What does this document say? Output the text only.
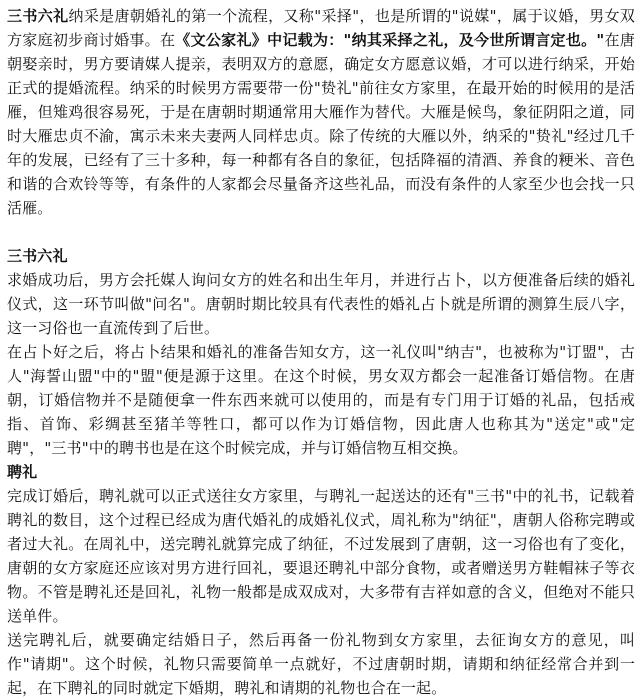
三书六礼纳采是唐朝婚礼的第一个流程，又称"采择"，也是所谓的"说媒"，属于议婚，男女双方家庭初步商讨婚事。在《文公家礼》中记载为："纳其采择之礼，及今世所谓言定也。"在唐朝娶亲时，男方要请媒人提亲，表明双方的意愿，确定女方愿意议婚，才可以进行纳采，开始正式的提婚流程。纳采的时候男方需要带一份"贽礼"前往女方家里，在最开始的时候用的是活雁，但雉鸡很容易死，于是在唐朝时期通常用大雁作为替代。大雁是候鸟，象征阴阳之道，同时大雁忠贞不渝，寓示未来夫妻两人同样忠贞。除了传统的大雁以外，纳采的"贽礼"经过几千年的发展，已经有了三十多种，每一种都有各自的象征，包括降福的清酒、养食的粳米、音色和谐的合欢铃等等，有条件的人家都会尽量备齐这些礼品，而没有条件的人家至少也会找一只活雁。

三书六礼

求婚成功后，男方会托媒人询问女方的姓名和出生年月，并进行占卜，以方便准备后续的婚礼仪式，这一环节叫做"问名"。唐朝时期比较具有代表性的婚礼占卜就是所谓的测算生辰八字，这一习俗也一直流传到了后世。

在占卜好之后，将占卜结果和婚礼的准备告知女方，这一礼仪叫"纳吉"，也被称为"订盟"，古人"海誓山盟"中的"盟"便是源于这里。在这个时候，男女双方都会一起准备订婚信物。在唐朝，订婚信物并不是随便拿一件东西来就可以使用的，而是有专门用于订婚的礼品，包括戒指、首饰、彩绸甚至猪羊等牲口，都可以作为订婚信物，因此唐人也称其为"送定"或"定聘"，"三书"中的聘书也是在这个时候完成，并与订婚信物互相交换。

聘礼

完成订婚后，聘礼就可以正式送往女方家里，与聘礼一起送达的还有"三书"中的礼书，记载着聘礼的数目，这个过程已经成为唐代婚礼的成婚礼仪式，周礼称为"纳征"，唐朝人俗称完聘或者过大礼。在周礼中，送完聘礼就算完成了纳征，不过发展到了唐朝，这一习俗也有了变化，唐朝的女方家庭还应该对男方进行回礼，要退还聘礼中部分食物，或者赠送男方鞋帽袜子等衣物。不管是聘礼还是回礼，礼物一般都是成双成对，大多带有吉祥如意的含义，但绝对不能只送单件。

送完聘礼后，就要确定结婚日子，然后再备一份礼物到女方家里，去征询女方的意见，叫作"请期"。这个时候，礼物只需要简单一点就好，不过唐朝时期，请期和纳征经常合并到一起，在下聘礼的同时就定下婚期，聘礼和请期的礼物也合在一起。
